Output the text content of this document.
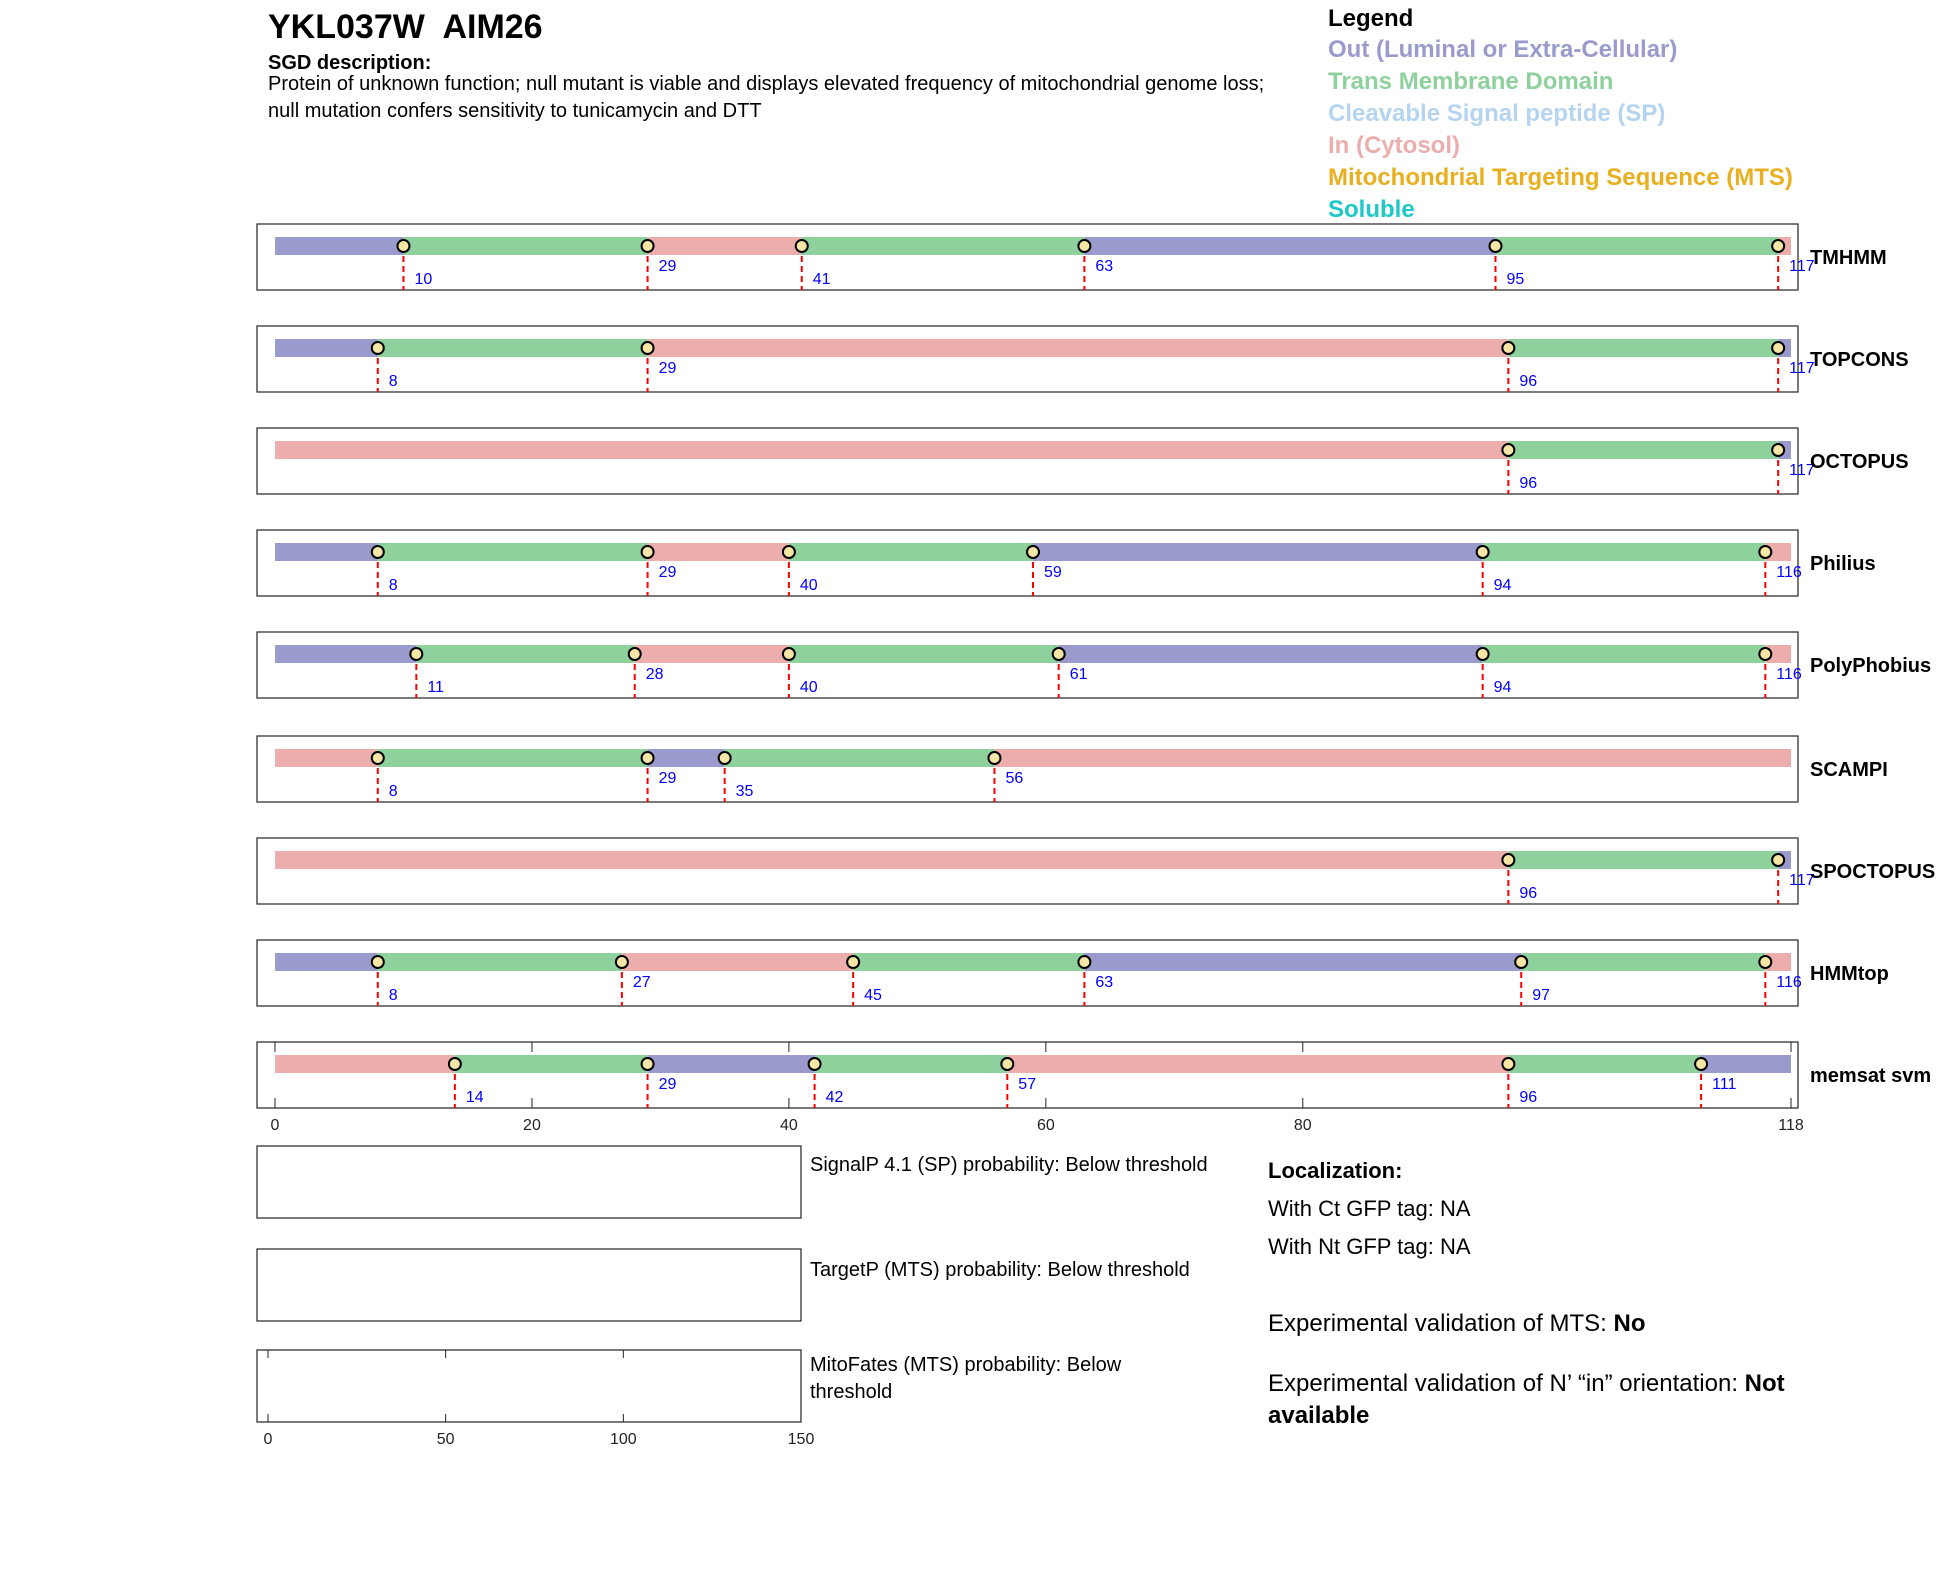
YKL037W  AIM26
SGD description:
Protein of unknown function; null mutant is viable and displays elevated frequency of mitochondrial genome loss; null mutation confers sensitivity to tunicamycin and DTT
Legend
Out (Luminal or Extra-Cellular)
Trans Membrane Domain
Cleavable Signal peptide (SP)
In (Cytosol)
Mitochondrial Targeting Sequence (MTS)
Soluble
10
29
41
63
95
117
TMHMM
8
29
96
117
TOPCONS
96
117
OCTOPUS
8
29
40
59
94
116 Philius
11
28
40
61
94
116 PolyPhobius
8
29
35
56	SCAMPI
96
117
SPOCTOPUS
8
27
45
63
97
116 HMMtop
14
29
42
57
96
111	memsat svm
0	20	40	60	80	118
0	50	100	150
SignalP 4.1 (SP) probability: Below threshold
TargetP (MTS) probability: Below threshold
MitoFates (MTS) probability: Below threshold
Localization:
With Ct GFP tag: NA
With Nt GFP tag: NA
Experimental validation of MTS: No
Experimental validation of N’ “in” orientation: Not available
